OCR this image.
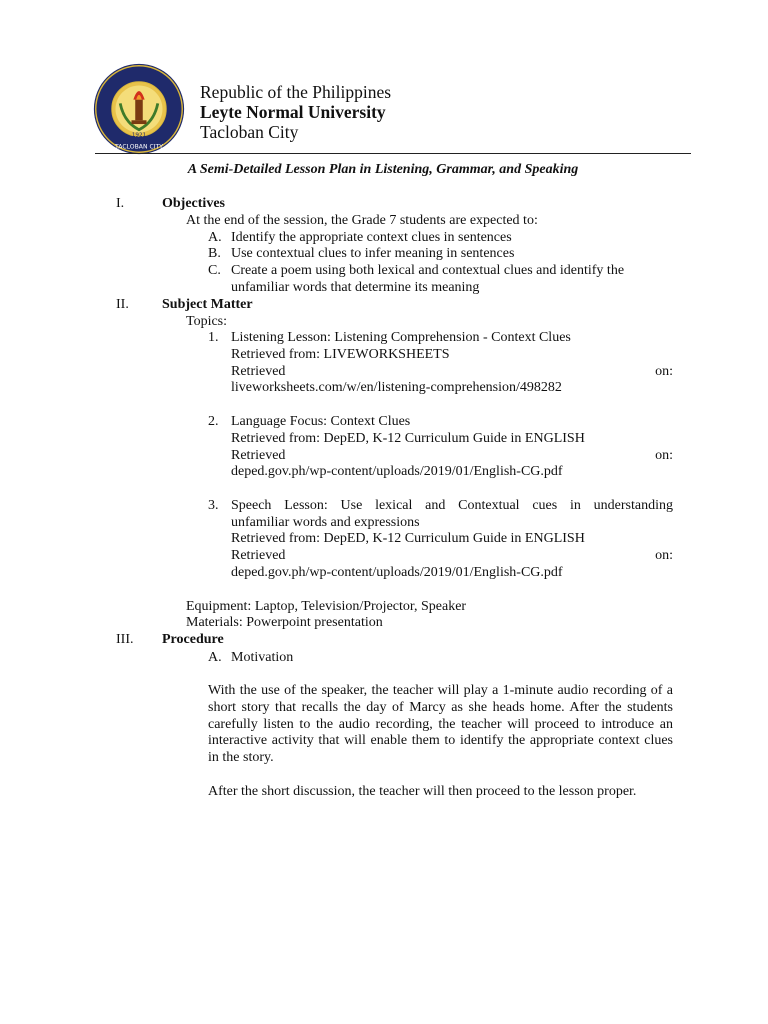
LEYTE NORMAL UNIVERSITY
TACLOBAN CITY
1921
Republic of the Philippines
Leyte Normal University
Tacloban City
A Semi-Detailed Lesson Plan in Listening, Grammar, and Speaking
I.	Objectives
At the end of the session, the Grade 7 students are expected to:
A. Identify the appropriate context clues in sentences
B. Use contextual clues to infer meaning in sentences
C. Create a poem using both lexical and contextual clues and identify the
unfamiliar words that determine its meaning
II. Subject Matter
Topics:
1. Listening Lesson: Listening Comprehension - Context Clues
Retrieved from: LIVEWORKSHEETS
Retrieved	on:
liveworksheets.com/w/en/listening-comprehension/498282
2. Language Focus: Context Clues
Retrieved from: DepED, K-12 Curriculum Guide in ENGLISH
Retrieved	on:
deped.gov.ph/wp-content/uploads/2019/01/English-CG.pdf
3. Speech Lesson: Use lexical and Contextual cues in understanding
unfamiliar words and expressions
Retrieved from: DepED, K-12 Curriculum Guide in ENGLISH
Retrieved	on:
deped.gov.ph/wp-content/uploads/2019/01/English-CG.pdf
Equipment: Laptop, Television/Projector, Speaker
Materials: Powerpoint presentation
III. Procedure
A. Motivation
With the use of the speaker, the teacher will play a 1-minute audio recording of a short story that recalls the day of Marcy as she heads home. After the students carefully listen to the audio recording, the teacher will proceed to introduce an interactive activity that will enable them to identify the appropriate context clues in the story.
After the short discussion, the teacher will then proceed to the lesson proper.
